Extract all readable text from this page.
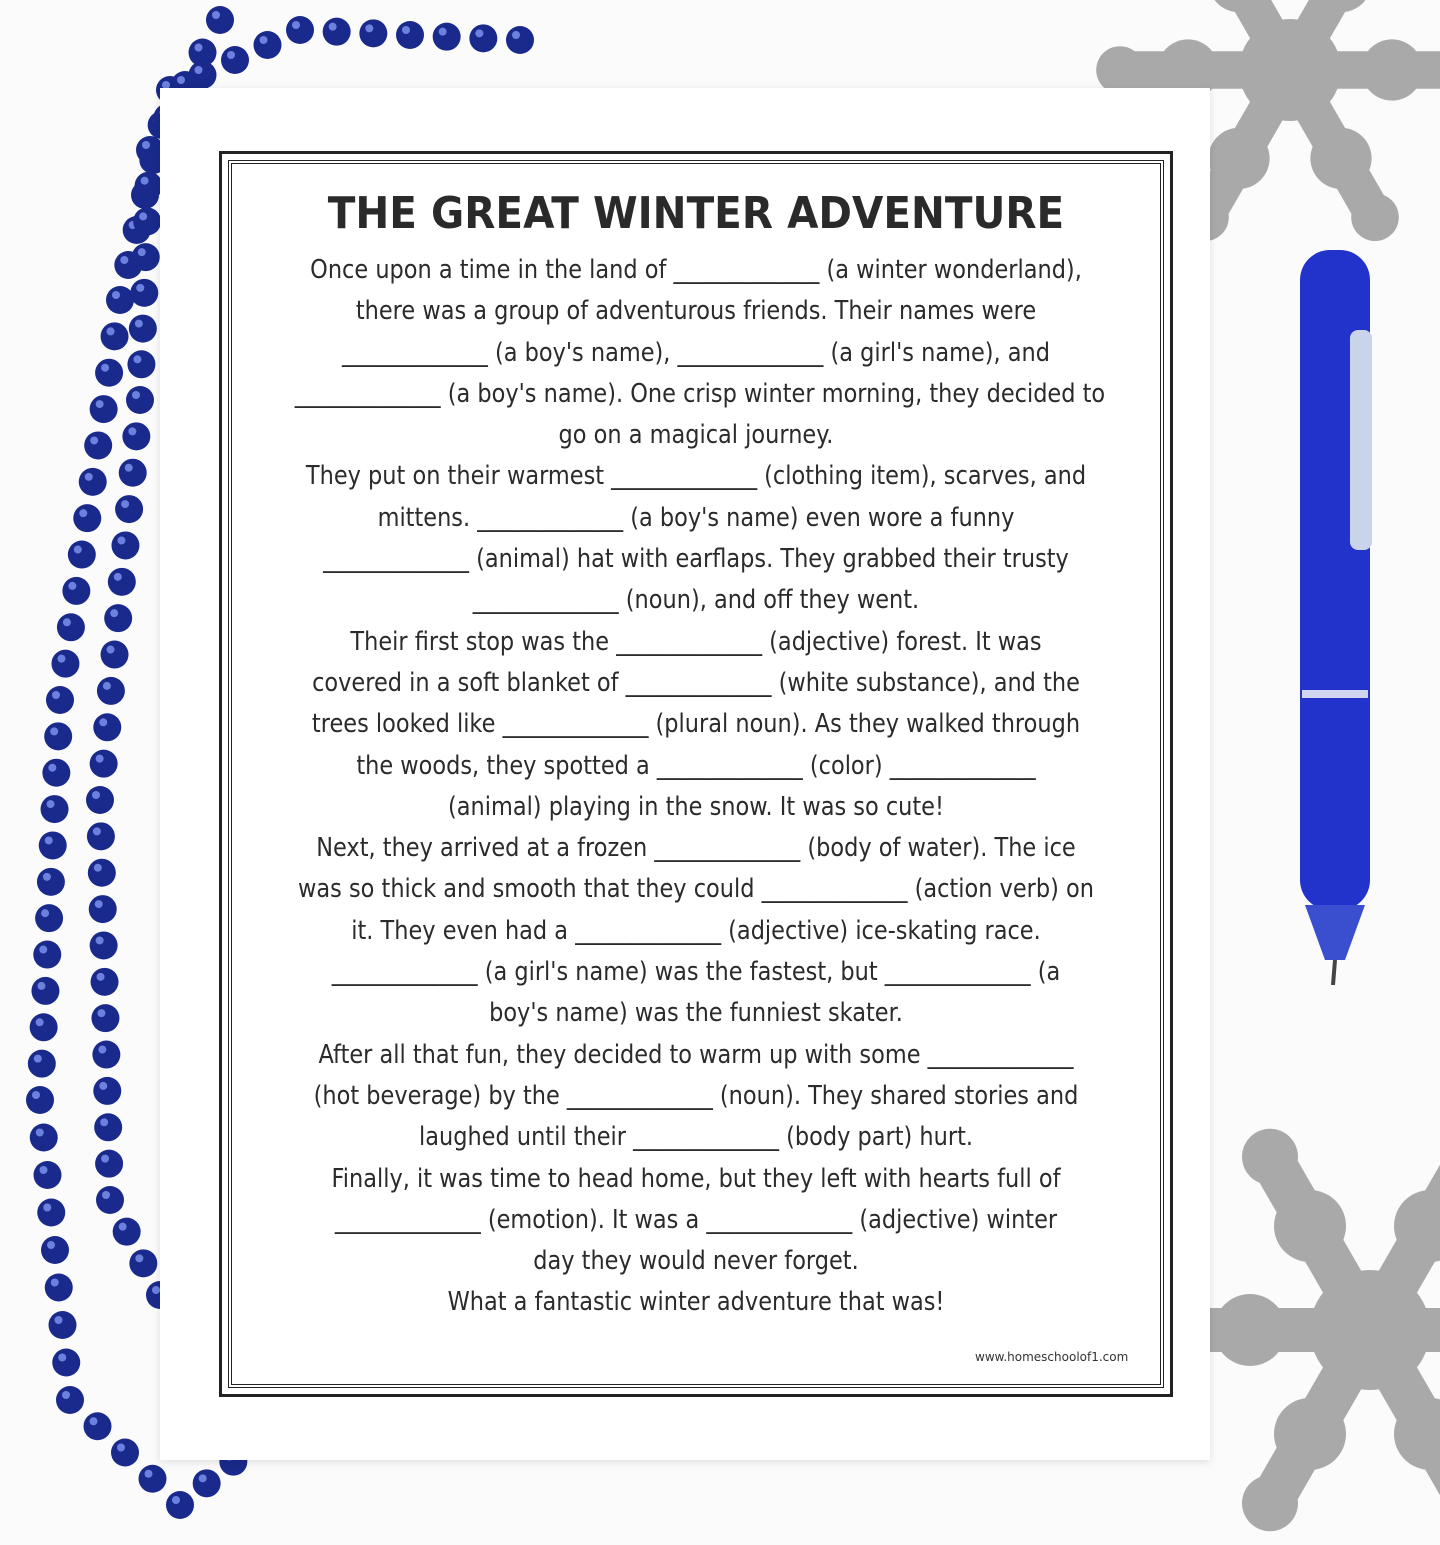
THE GREAT WINTER ADVENTURE
Once upon a time in the land of _____________ (a winter wonderland),
there was a group of adventurous friends. Their names were
_____________ (a boy's name), _____________ (a girl's name), and
_____________ (a boy's name). One crisp winter morning, they decided to
go on a magical journey.
They put on their warmest _____________ (clothing item), scarves, and
mittens. _____________ (a boy's name) even wore a funny
_____________ (animal) hat with earflaps. They grabbed their trusty
_____________ (noun), and off they went.
Their first stop was the _____________ (adjective) forest. It was
covered in a soft blanket of _____________ (white substance), and the
trees looked like _____________ (plural noun). As they walked through
the woods, they spotted a _____________ (color) _____________
(animal) playing in the snow. It was so cute!
Next, they arrived at a frozen _____________ (body of water). The ice
was so thick and smooth that they could _____________ (action verb) on
it. They even had a _____________ (adjective) ice-skating race.
_____________ (a girl's name) was the fastest, but _____________ (a
boy's name) was the funniest skater.
After all that fun, they decided to warm up with some _____________
(hot beverage) by the _____________ (noun). They shared stories and
laughed until their _____________ (body part) hurt.
Finally, it was time to head home, but they left with hearts full of
_____________ (emotion). It was a _____________ (adjective) winter
day they would never forget.
What a fantastic winter adventure that was!
www.homeschoolof1.com
